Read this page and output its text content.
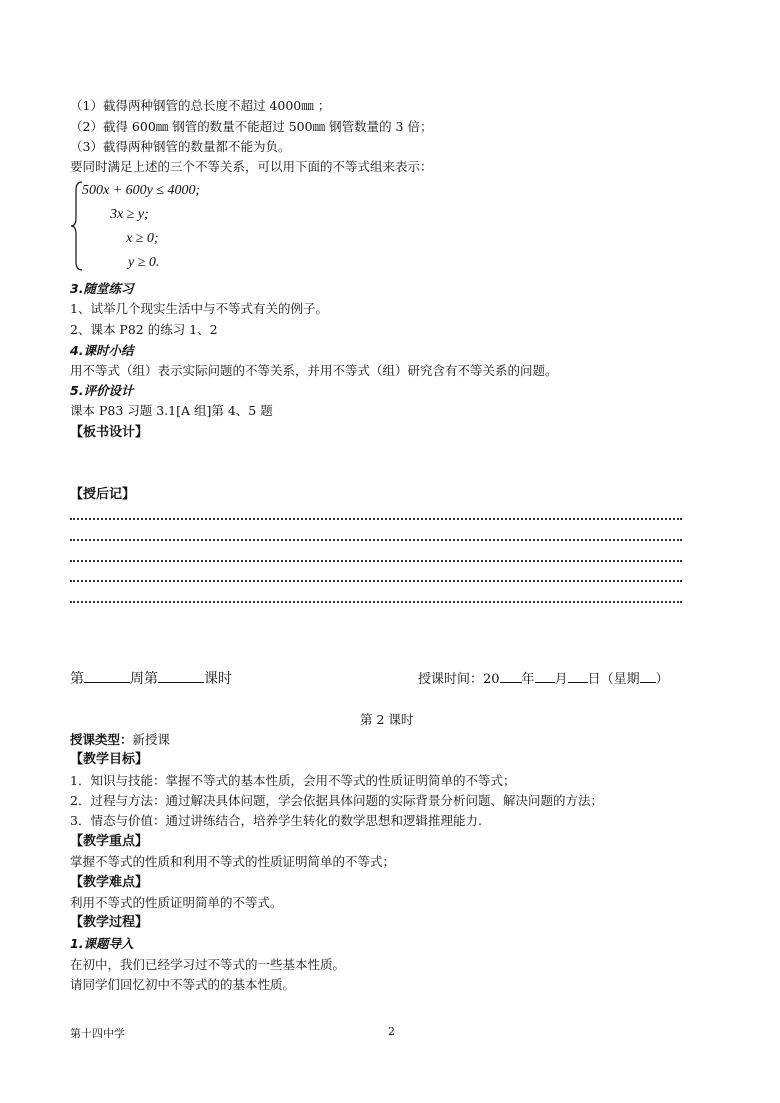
（1）截得两种钢管的总长度不超过 4000㎜ ；
（2）截得 600㎜ 钢管的数量不能超过 500㎜ 钢管数量的 3 倍；
（3）截得两种钢管的数量都不能为负。
要同时满足上述的三个不等关系，可以用下面的不等式组来表示：
500x + 600y ≤ 4000;
3x ≥ y;
x ≥ 0;
y ≥ 0.
3.随堂练习
1、试举几个现实生活中与不等式有关的例子。
2、课本 P82 的练习 1、2
4.课时小结
用不等式（组）表示实际问题的不等关系，并用不等式（组）研究含有不等关系的问题。
5.评价设计
课本 P83 习题 3.1[A 组]第 4、5 题
【板书设计】
【授后记】
第	周第	课时	授课时间：20 年 月 日（星期 ）
第 2 课时
授课类型：新授课
【教学目标】
1．知识与技能：掌握不等式的基本性质，会用不等式的性质证明简单的不等式；
2．过程与方法：通过解决具体问题，学会依据具体问题的实际背景分析问题、解决问题的方法；
3．情态与价值：通过讲练结合，培养学生转化的数学思想和逻辑推理能力.
【教学重点】
掌握不等式的性质和利用不等式的性质证明简单的不等式；
【教学难点】
利用不等式的性质证明简单的不等式。
【教学过程】
1.课题导入
在初中，我们已经学习过不等式的一些基本性质。
请同学们回忆初中不等式的的基本性质。
第十四中学	2
